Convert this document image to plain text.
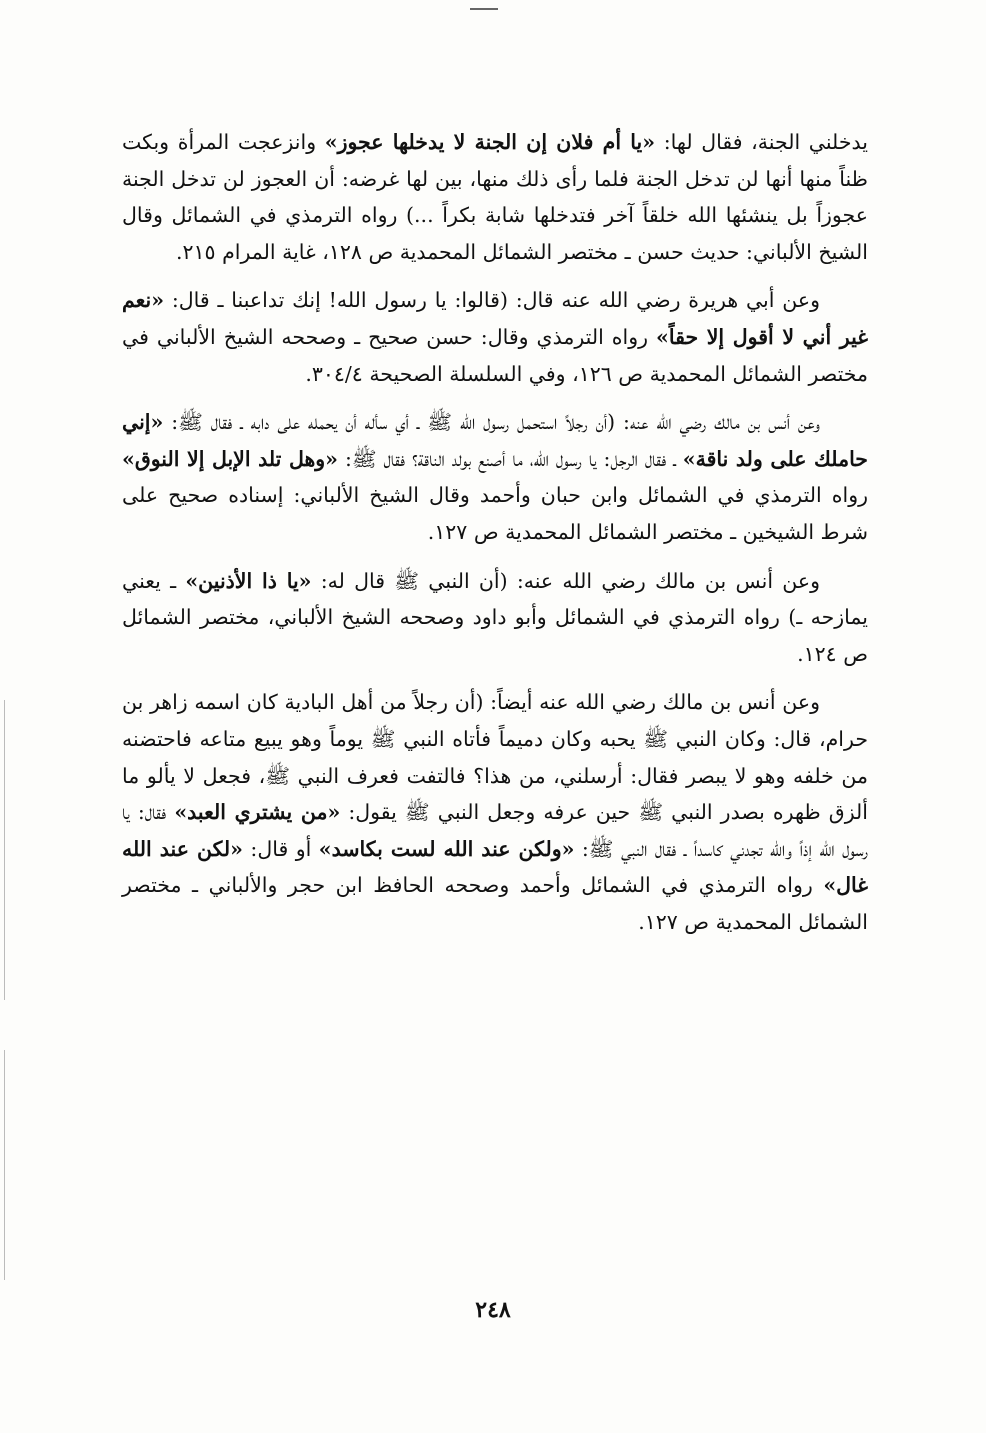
يدخلني الجنة، فقال لها: «يا أم فلان إن الجنة لا يدخلها عجوز» وانزعجت المرأة وبكت ظناً منها أنها لن تدخل الجنة فلما رأى ذلك منها، بين لها غرضه: أن العجوز لن تدخل الجنة عجوزاً بل ينشئها الله خلقاً آخر فتدخلها شابة بكراً ...) رواه الترمذي في الشمائل وقال الشيخ الألباني: حديث حسن ـ مختصر الشمائل المحمدية ص ١٢٨، غاية المرام ٢١٥.

وعن أبي هريرة رضي الله عنه قال: (قالوا: يا رسول الله! إنك تداعبنا ـ قال: «نعم غير أني لا أقول إلا حقاً» رواه الترمذي وقال: حسن صحيح ـ وصححه الشيخ الألباني في مختصر الشمائل المحمدية ص ١٢٦، وفي السلسلة الصحيحة ٣٠٤/٤.

وعن أنس بن مالك رضي الله عنه: (أن رجلاً استحمل رسول الله ﷺ ـ أي سأله أن يحمله على دابه ـ فقال ﷺ: «إني حاملك على ولد ناقة» ـ فقال الرجل: يا رسول الله، ما أصنع بولد الناقة؟ فقال ﷺ: «وهل تلد الإبل إلا النوق» رواه الترمذي في الشمائل وابن حبان وأحمد وقال الشيخ الألباني: إسناده صحيح على شرط الشيخين ـ مختصر الشمائل المحمدية ص ١٢٧.

وعن أنس بن مالك رضي الله عنه: (أن النبي ﷺ قال له: «يا ذا الأذنين» ـ يعني يمازحه ـ) رواه الترمذي في الشمائل وأبو داود وصححه الشيخ الألباني، مختصر الشمائل ص ١٢٤.

وعن أنس بن مالك رضي الله عنه أيضاً: (أن رجلاً من أهل البادية كان اسمه زاهر بن حرام، قال: وكان النبي ﷺ يحبه وكان دميماً فأتاه النبي ﷺ يوماً وهو يبيع متاعه فاحتضنه من خلفه وهو لا يبصر فقال: أرسلني، من هذا؟ فالتفت فعرف النبي ﷺ، فجعل لا يألو ما ألزق ظهره بصدر النبي ﷺ حين عرفه وجعل النبي ﷺ يقول: «من يشتري العبد» فقال: يا رسول الله إذاً والله تجدني كاسداً ـ فقال النبي ﷺ: «ولكن عند الله لست بكاسد» أو قال: «لكن عند الله غال» رواه الترمذي في الشمائل وأحمد وصححه الحافظ ابن حجر والألباني ـ مختصر الشمائل المحمدية ص ١٢٧.

٢٤٨
